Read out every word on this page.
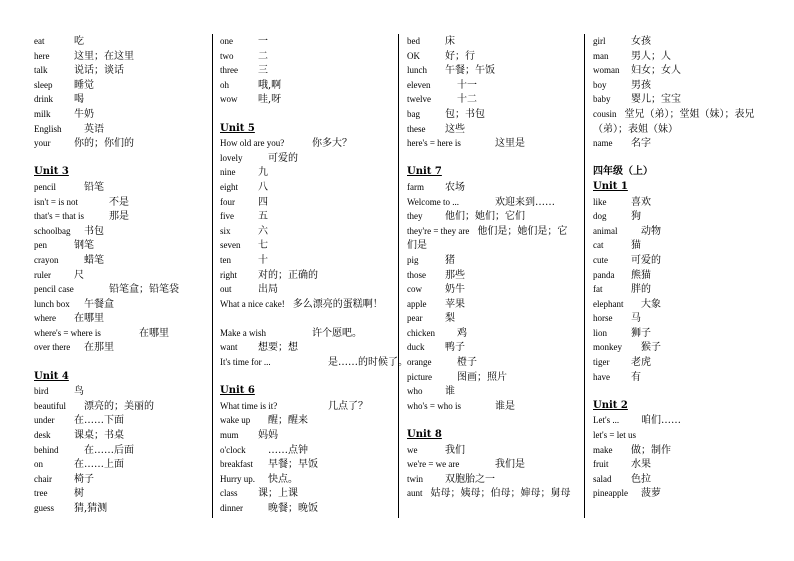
eat	吃
here 这里；在这里
talk	说话；谈话
sleep 睡觉
drink 喝
milk 牛奶
English 英语
your 你的；你们的
Unit 3
pencil	铅笔
isn't = is not	不是
that's = that is	那是
schoolbag 书包
pen	钢笔
crayon	蜡笔
ruler 尺
pencil case	铅笔盒；铅笔袋
lunch box 午餐盒
where 在哪里
where's = where is	在哪里
over there 在那里
Unit 4
bird	鸟
beautiful 漂亮的；美丽的
under 在……下面
desk 课桌；书桌
behind	在……后面
on	在……上面
chair 椅子
tree	树
guess 猜,猜测
one	一
two 二
three 三
oh	哦,啊
wow 哇,呀
Unit 5
How old are you?	你多大？
lovely	可爱的
nine 九
eight 八
four 四
five 五
six	六
seven 七
ten	十
right 对的；正确的
out	出局
What a nice cake! 多么漂亮的蛋糕啊！
Make a wish	许个愿吧。
want 想要；想
It's time for ...	是……的时候了。
Unit 6
What time is it?	几点了？
wake up 醒；醒来
mum 妈妈
o'clock ……点钟
breakfast 早餐；早饭
Hurry up. 快点。
class 课；上课
dinner	晚餐；晚饭
bed	床
OK	好；行
lunch 午餐；午饭
eleven	十一
twelve	十二
bag	包；书包
these 这些
here's = here is	这里是
Unit 7
farm 农场
Welcome to ...	欢迎来到……
they 他们；她们；它们
they're = they are 他们是；她们是；它们是
pig	猪
those 那些
cow 奶牛
apple 苹果
pear 梨
chicken 鸡
duck 鸭子
orange	橙子
picture	图画；照片
who 谁
who's = who is	谁是
Unit 8
we	我们
we're = we are	我们是
twin 双胞胎之一
aunt 姑母；姨母；伯母；婶母；舅母
girl	女孩
man 男人；人
woman 妇女；女人
boy 男孩
baby 婴儿；宝宝
cousin 堂兄（弟）；堂姐（妹）；表兄（弟）；表姐（妹）
name 名字
四年级（上）
Unit 1
like 喜欢
dog 狗
animal 动物
cat	猫
cute 可爱的
panda 熊猫
fat	胖的
elephant 大象
horse 马
lion 狮子
monkey 猴子
tiger 老虎
have 有
Unit 2
Let's ... 咱们……
let's = let us
make 做；制作
fruit 水果
salad 色拉
pineapple 菠萝
